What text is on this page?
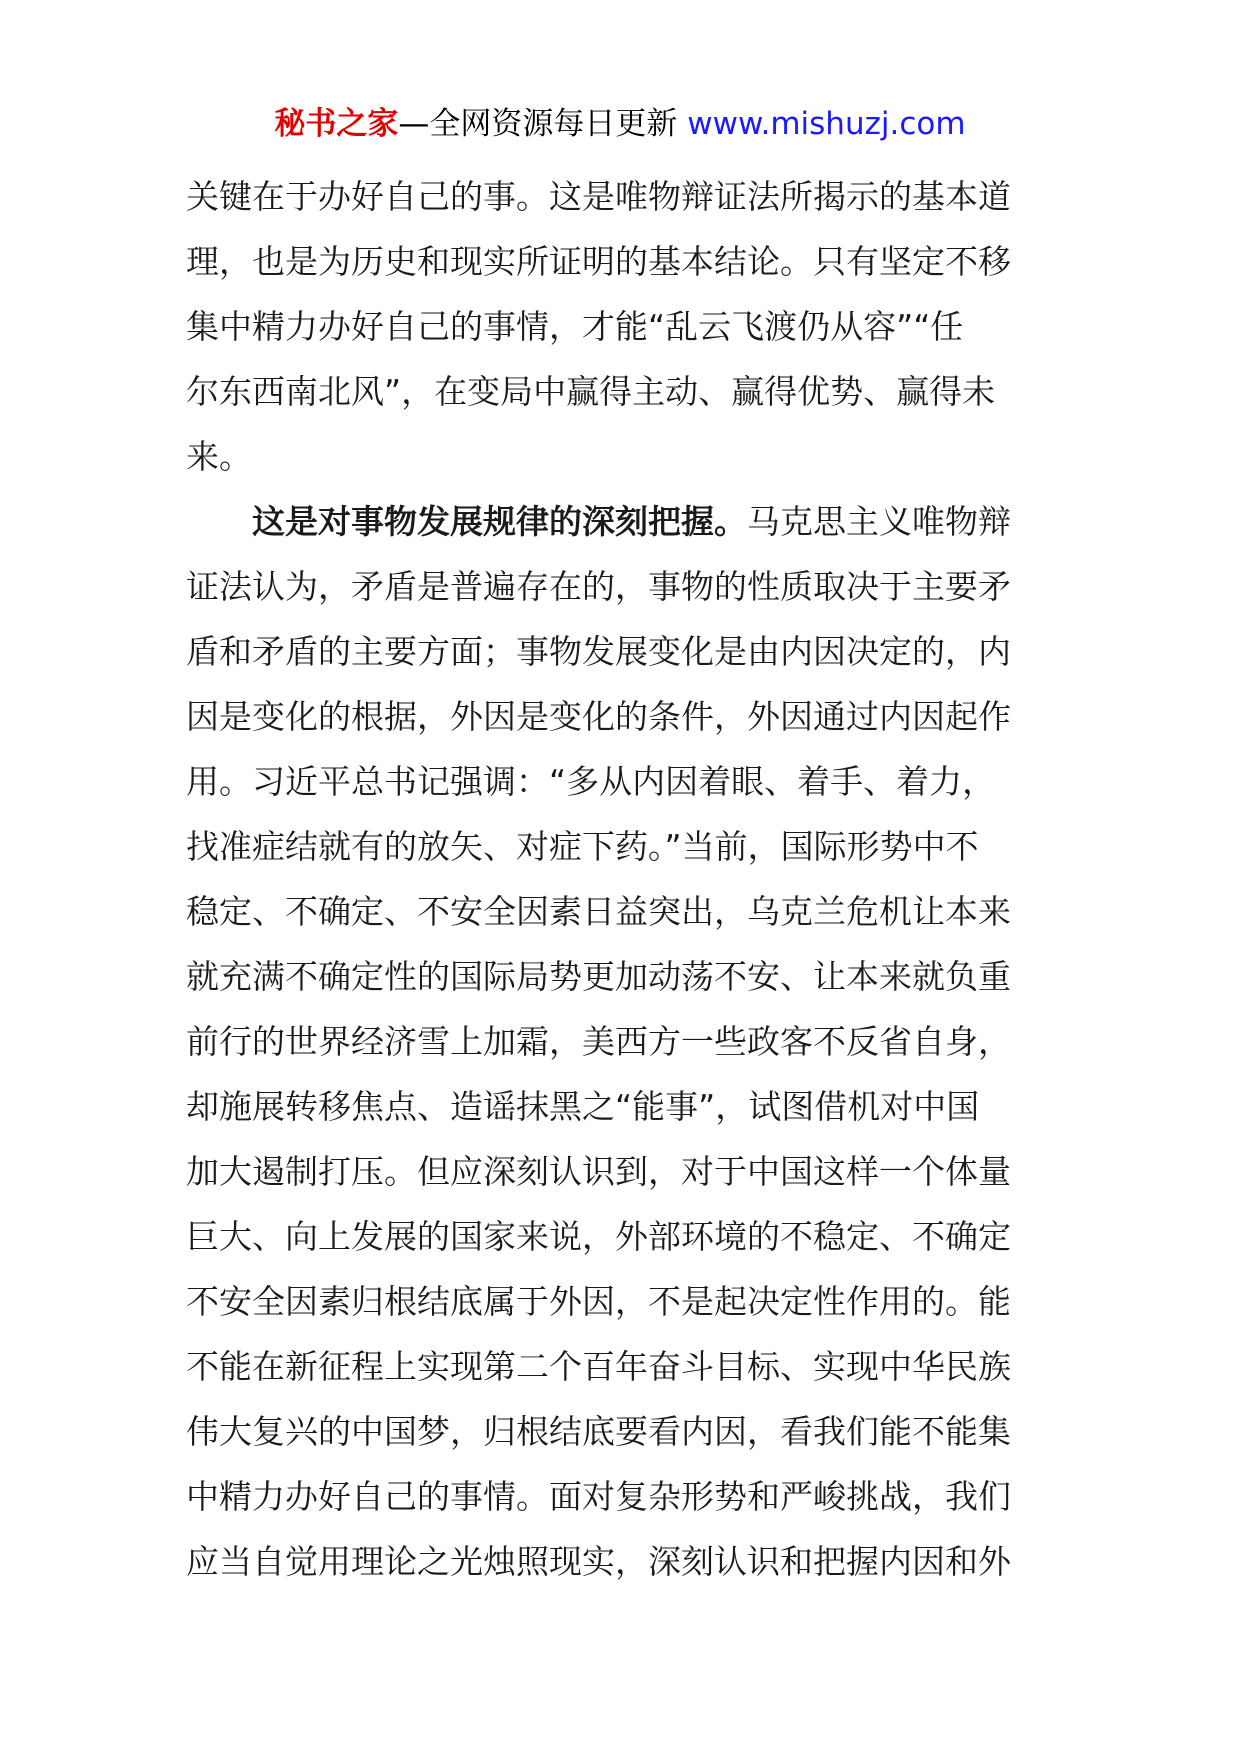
秘书之家—全网资源每日更新 www.mishuzj.com
关键在于办好自己的事。这是唯物辩证法所揭示的基本道
理，也是为历史和现实所证明的基本结论。只有坚定不移
集中精力办好自己的事情，才能“乱云飞渡仍从容”“任
尔东西南北风”，在变局中赢得主动、赢得优势、赢得未
来。
这是对事物发展规律的深刻把握。马克思主义唯物辩
证法认为，矛盾是普遍存在的，事物的性质取决于主要矛
盾和矛盾的主要方面；事物发展变化是由内因决定的，内
因是变化的根据，外因是变化的条件，外因通过内因起作
用。习近平总书记强调：“多从内因着眼、着手、着力，
找准症结就有的放矢、对症下药。”当前，国际形势中不
稳定、不确定、不安全因素日益突出，乌克兰危机让本来
就充满不确定性的国际局势更加动荡不安、让本来就负重
前行的世界经济雪上加霜，美西方一些政客不反省自身，
却施展转移焦点、造谣抹黑之“能事”，试图借机对中国
加大遏制打压。但应深刻认识到，对于中国这样一个体量
巨大、向上发展的国家来说，外部环境的不稳定、不确定
不安全因素归根结底属于外因，不是起决定性作用的。能
不能在新征程上实现第二个百年奋斗目标、实现中华民族
伟大复兴的中国梦，归根结底要看内因，看我们能不能集
中精力办好自己的事情。面对复杂形势和严峻挑战，我们
应当自觉用理论之光烛照现实，深刻认识和把握内因和外
